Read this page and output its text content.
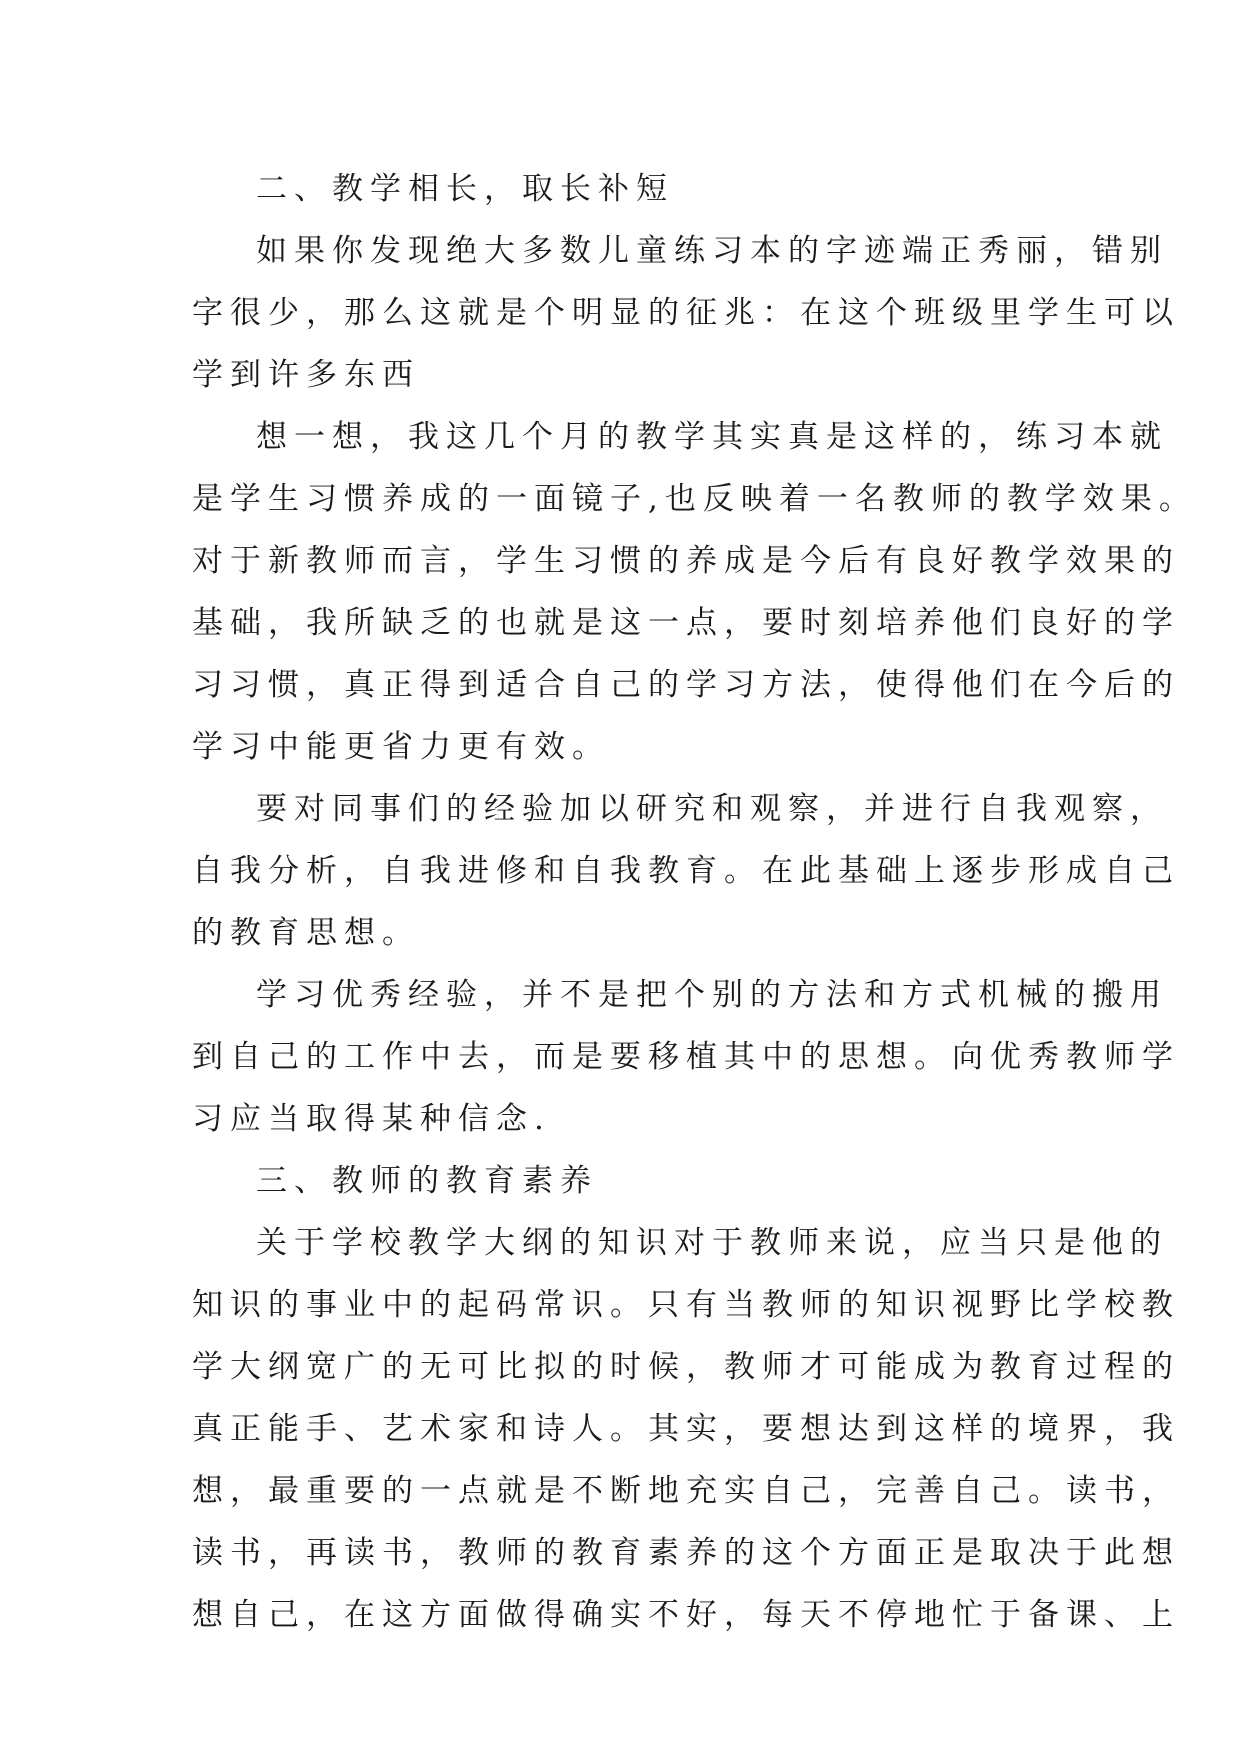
二、教学相长，取长补短
如果你发现绝大多数儿童练习本的字迹端正秀丽，错别
字很少，那么这就是个明显的征兆：在这个班级里学生可以
学到许多东西
想一想，我这几个月的教学其实真是这样的，练习本就
是学生习惯养成的一面镜子,也反映着一名教师的教学效果。
对于新教师而言，学生习惯的养成是今后有良好教学效果的
基础，我所缺乏的也就是这一点，要时刻培养他们良好的学
习习惯，真正得到适合自己的学习方法，使得他们在今后的
学习中能更省力更有效。
要对同事们的经验加以研究和观察，并进行自我观察，
自我分析，自我进修和自我教育。在此基础上逐步形成自己
的教育思想。
学习优秀经验，并不是把个别的方法和方式机械的搬用
到自己的工作中去，而是要移植其中的思想。向优秀教师学
习应当取得某种信念.
三、教师的教育素养
关于学校教学大纲的知识对于教师来说，应当只是他的
知识的事业中的起码常识。只有当教师的知识视野比学校教
学大纲宽广的无可比拟的时候，教师才可能成为教育过程的
真正能手、艺术家和诗人。其实，要想达到这样的境界，我
想，最重要的一点就是不断地充实自己，完善自己。读书，
读书，再读书，教师的教育素养的这个方面正是取决于此想
想自己，在这方面做得确实不好，每天不停地忙于备课、上
